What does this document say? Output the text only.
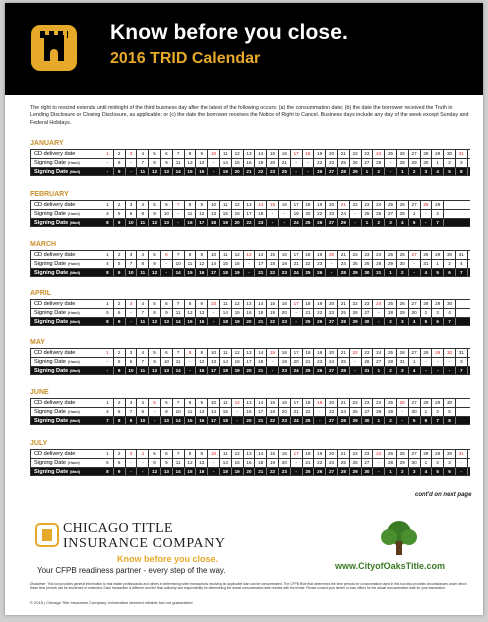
Know before you close.
2016 TRID Calendar
The right to rescind extends until midnight of the third business day after the latest of the following occurs: (a) the consummation date; (b) the date the borrower received the Truth in Lending Disclosure or Closing Disclosure, as applicable; or (c) the date the borrower receives the Notice of Right to Cancel. Business days include any day of the week except Sunday and Federal Holidays.
JANUARY
CD delivery date	1	2	3	4	5	6	7	8	9	10	11	12	13	14	15	16	17	18	19	20	21	22	23	24	25	26	27	28	29	30	31
Signing Date (Hand)	-	6	-	7	8	9	11	12	13	-	14	15	16	19	20	21	-	-	22	23	25	26	27	28	-	28	29	30	1	2	3
Signing Date (Mail)	-	9	-	11	12	13	14	15	16	-	19	20	21	22	23	25	-	-	26	27	28	29	1	2	-	1	2	3	4	5	8
FEBRUARY
CD delivery date	1	2	3	4	5	6	7	8	9	10	11	12	13	14	15	16	17	18	19	20	21	22	23	24	25	26	27	28	29
Signing Date (Hand)	4	5	6	8	9	10	-	11	12	13	15	16	17	18	-	-	19	20	22	23	24	-	25	26	27	29	1	-	2
Signing Date (Mail)	8	9	10	11	12	13	-	16	17	18	19	20	22	23	-	-	24	25	26	27	29	-	1	2	3	4	5	-	7
MARCH
CD delivery date	1	2	3	4	5	6	7	8	9	10	11	12	13	14	15	16	17	18	19	20	21	22	23	24	25	26	27	28	29	30	31
Signing Date (Hand)	4	5	7	8	9	-	10	11	12	14	15	16	-	17	18	19	21	22	23	-	24	25	26	28	29	30	-	31	1	2	4
Signing Date (Mail)	8	9	10	11	12	-	14	15	16	17	18	19	-	21	22	23	24	25	26	-	28	29	30	31	1	2	-	4	5	6	7
APRIL
CD delivery date	1	2	3	4	5	6	7	8	9	10	11	12	13	14	15	16	17	18	19	20	21	22	23	24	25	26	27	28	29	30
Signing Date (Hand)	5	6	-	7	8	9	11	12	13	-	14	15	16	18	19	20	-	21	22	23	25	26	27	-	28	29	30	2	3	4
Signing Date (Mail)	8	9	-	11	12	13	14	15	16	-	18	19	20	21	22	23	-	25	26	27	28	29	30	-	2	3	4	5	6	7
MAY
CD delivery date	1	2	3	4	5	6	7	8	9	10	11	12	13	14	15	16	17	18	19	20	21	22	23	24	25	26	27	28	29	30	31
Signing Date (Hand)	-	5	6	7	9	10	11	-	12	13	14	16	17	18	-	19	20	21	23	24	25	-	26	27	28	31	1	-	-	-	3
Signing Date (Mail)	-	9	10	11	12	13	14	-	16	17	18	19	20	21	-	23	24	25	26	27	28	-	31	1	2	3	4	-	-	-	7
JUNE
CD delivery date	1	2	3	4	5	6	7	8	9	10	11	12	13	14	15	16	17	18	19	20	21	22	23	24	25	26	27	28	29	30
Signing Date (Hand)	4	6	7	8	-	9	10	11	13	14	15	-	16	17	18	20	21	22	-	23	24	25	27	28	29	-	30	1	2	5
Signing Date (Mail)	7	8	9	10	-	13	14	15	16	17	18	-	20	21	22	23	24	25	-	27	28	29	30	1	2	-	5	6	7	8
JULY
CD delivery date	1	2	3	4	5	6	7	8	9	10	11	12	13	14	15	16	17	18	19	20	21	22	23	24	25	26	27	28	29	30	31
Signing Date (Hand)	5	6	-	-	8	9	11	12	13	-	14	15	16	18	19	20	-	21	22	23	25	26	27	-	28	29	30	1	2	3	-
Signing Date (Mail)	8	9	-	-	12	13	14	15	16	-	18	19	20	21	22	23	-	25	26	27	28	29	30	-	1	2	3	4	5	6	-
cont'd on next page
CHICAGO TITLE
INSURANCE COMPANY
Know before you close.
Your CFPB readiness partner - every step of the way.	www.CityofOaksTitle.com
Disclaimer: This tool provides general information to real estate professionals and others in determining when transactions involving an applicable loan can be consummated. The CFPB Rule that determines the time periods for consummation used in this tool also provides circumstances under which these time periods can be shortened or extended. Each transaction is different and the final authority and responsibility for determining the actual consummation date resides with the lender. Please consult your lender or loan officer for the actual consummation date for your transaction.
© 2015 | Chicago Title Insurance Company. Information deemed reliable but not guaranteed.
